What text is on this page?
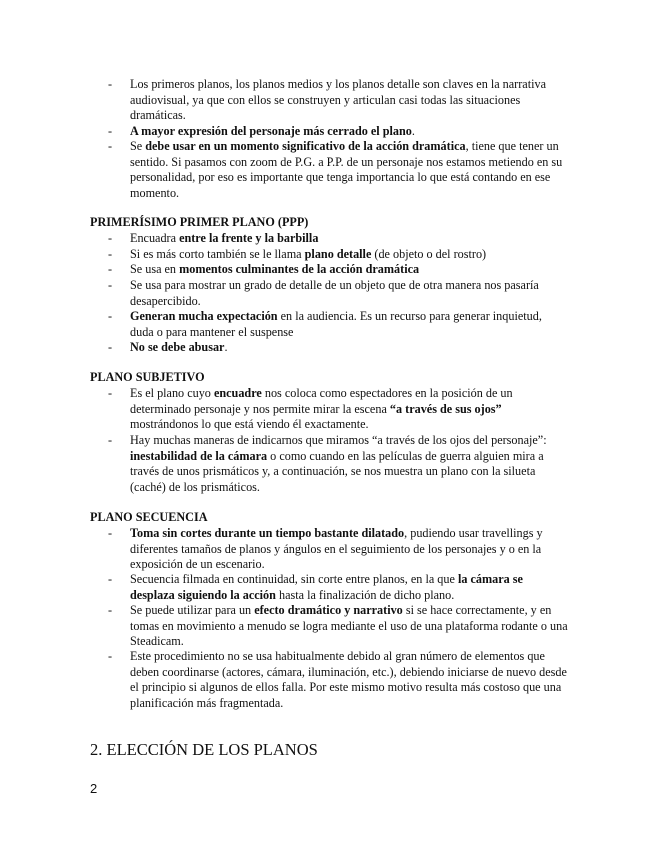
- Los primeros planos, los planos medios y los planos detalle son claves en la narrativa audiovisual, ya que con ellos se construyen y articulan casi todas las situaciones dramáticas.
- A mayor expresión del personaje más cerrado el plano.
- Se debe usar en un momento significativo de la acción dramática, tiene que tener un sentido. Si pasamos con zoom de P.G. a P.P. de un personaje nos estamos metiendo en su personalidad, por eso es importante que tenga importancia lo que está contando en ese momento.
PRIMERÍSIMO PRIMER PLANO (PPP)
- Encuadra entre la frente y la barbilla
- Si es más corto también se le llama plano detalle (de objeto o del rostro)
- Se usa en momentos culminantes de la acción dramática
- Se usa para mostrar un grado de detalle de un objeto que de otra manera nos pasaría desapercibido.
- Generan mucha expectación en la audiencia. Es un recurso para generar inquietud, duda o para mantener el suspense
- No se debe abusar.
PLANO SUBJETIVO
- Es el plano cuyo encuadre nos coloca como espectadores en la posición de un determinado personaje y nos permite mirar la escena “a través de sus ojos” mostrándonos lo que está viendo él exactamente.
- Hay muchas maneras de indicarnos que miramos “a través de los ojos del personaje”: inestabilidad de la cámara o como cuando en las películas de guerra alguien mira a través de unos prismáticos y, a continuación, se nos muestra un plano con la silueta (caché) de los prismáticos.
PLANO SECUENCIA
- Toma sin cortes durante un tiempo bastante dilatado, pudiendo usar travellings y diferentes tamaños de planos y ángulos en el seguimiento de los personajes y o en la exposición de un escenario.
- Secuencia filmada en continuidad, sin corte entre planos, en la que la cámara se desplaza siguiendo la acción hasta la finalización de dicho plano.
- Se puede utilizar para un efecto dramático y narrativo si se hace correctamente, y en tomas en movimiento a menudo se logra mediante el uso de una plataforma rodante o una Steadicam.
- Este procedimiento no se usa habitualmente debido al gran número de elementos que deben coordinarse (actores, cámara, iluminación, etc.), debiendo iniciarse de nuevo desde el principio si algunos de ellos falla. Por este mismo motivo resulta más costoso que una planificación más fragmentada.
2. ELECCIÓN DE LOS PLANOS
2
